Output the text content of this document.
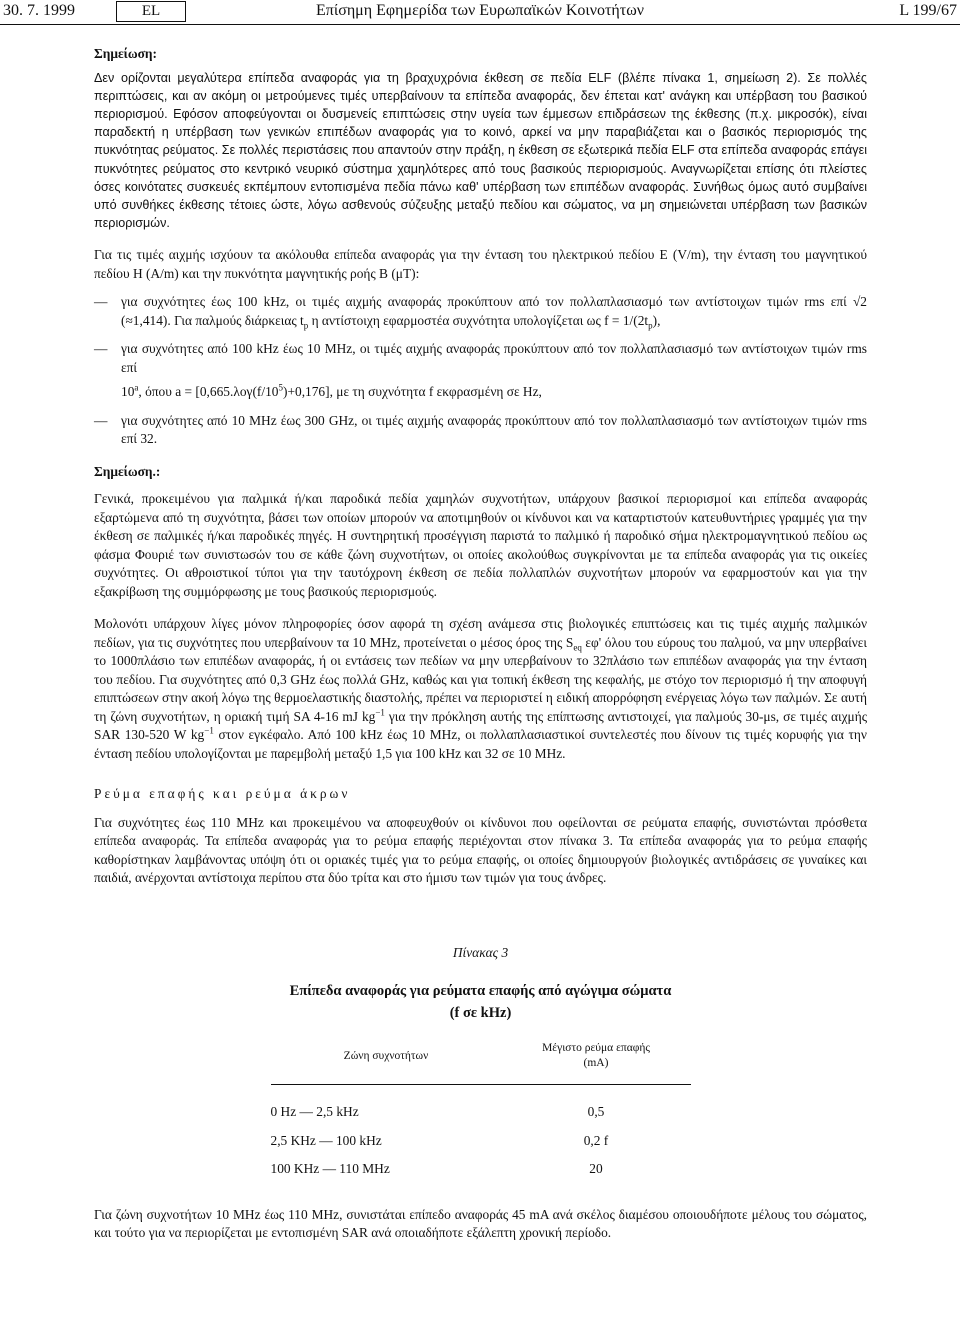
30. 7. 1999	EL	Επίσημη Εφημερίδα των Ευρωπαϊκών Κοινοτήτων	L 199/67
Σημείωση:

Δεν ορίζονται μεγαλύτερα επίπεδα αναφοράς για τη βραχυχρόνια έκθεση σε πεδία ELF (βλέπε πίνακα 1, σημείωση 2). Σε πολλές περιπτώσεις, και αν ακόμη οι μετρούμενες τιμές υπερβαίνουν τα επίπεδα αναφοράς, δεν έπεται κατ' ανάγκη και υπέρβαση του βασικού περιορισμού. Εφόσον αποφεύγονται οι δυσμενείς επιπτώσεις στην υγεία των έμμεσων επιδράσεων της έκθεσης (π.χ. μικροσόκ), είναι παραδεκτή η υπέρβαση των γενικών επιπέδων αναφοράς για το κοινό, αρκεί να μην παραβιάζεται και ο βασικός περιορισμός της πυκνότητας ρεύματος. Σε πολλές περιστάσεις που απαντούν στην πράξη, η έκθεση σε εξωτερικά πεδία ELF στα επίπεδα αναφοράς επάγει πυκνότητες ρεύματος στο κεντρικό νευρικό σύστημα χαμηλότερες από τους βασικούς περιορισμούς. Αναγνωρίζεται επίσης ότι πλείστες όσες κοινότατες συσκευές εκπέμπουν εντοπισμένα πεδία πάνω καθ' υπέρβαση των επιπέδων αναφοράς. Συνήθως όμως αυτό συμβαίνει υπό συνθήκες έκθεσης τέτοιες ώστε, λόγω ασθενούς σύζευξης μεταξύ πεδίου και σώματος, να μη σημειώνεται υπέρβαση των βασικών περιορισμών.

Για τις τιμές αιχμής ισχύουν τα ακόλουθα επίπεδα αναφοράς για την ένταση του ηλεκτρικού πεδίου E (V/m), την ένταση του μαγνητικού πεδίου H (A/m) και την πυκνότητα μαγνητικής ροής B (μT):

— για συχνότητες έως 100 kHz, οι τιμές αιχμής αναφοράς προκύπτουν από τον πολλαπλασιασμό των αντίστοιχων τιμών rms επί √2 (≈1,414). Για παλμούς διάρκειας $t_p$ η αντίστοιχη εφαρμοστέα συχνότητα υπολογίζεται ως $f = 1/(2t_p)$,
— για συχνότητες από 100 kHz έως 10 MHz, οι τιμές αιχμής αναφοράς προκύπτουν από τον πολλαπλασιασμό των αντίστοιχων τιμών rms επί
10$^a$, όπου $a = [0,665.\lambda o\gamma(f/10^5)+0,176]$, με τη συχνότητα f εκφρασμένη σε Hz,
— για συχνότητες από 10 MHz έως 300 GHz, οι τιμές αιχμής αναφοράς προκύπτουν από τον πολλαπλασιασμό των αντίστοιχων τιμών rms επί 32.
Σημείωση.:

Γενικά, προκειμένου για παλμικά ή/και παροδικά πεδία χαμηλών συχνοτήτων, υπάρχουν βασικοί περιορισμοί και επίπεδα αναφοράς εξαρτώμενα από τη συχνότητα, βάσει των οποίων μπορούν να αποτιμηθούν οι κίνδυνοι και να καταρτιστούν κατευθυντήριες γραμμές για την έκθεση σε παλμικές ή/και παροδικές πηγές. Η συντηρητική προσέγγιση παριστά το παλμικό ή παροδικό σήμα ηλεκτρομαγνητικού πεδίου ως φάσμα Φουριέ των συνιστωσών του σε κάθε ζώνη συχνοτήτων, οι οποίες ακολούθως συγκρίνονται με τα επίπεδα αναφοράς για τις οικείες συχνότητες. Οι αθροιστικοί τύποι για την ταυτόχρονη έκθεση σε πεδία πολλαπλών συχνοτήτων μπορούν να εφαρμοστούν και για την εξακρίβωση της συμμόρφωσης με τους βασικούς περιορισμούς.

Μολονότι υπάρχουν λίγες μόνον πληροφορίες όσον αφορά τη σχέση ανάμεσα στις βιολογικές επιπτώσεις και τις τιμές αιχμής παλμικών πεδίων, για τις συχνότητες που υπερβαίνουν τα 10 MHz, προτείνεται ο μέσος όρος της $S_{eq}$ εφ' όλου του εύρους του παλμού, να μην υπερβαίνει το 1000πλάσιο των επιπέδων αναφοράς, ή οι εντάσεις των πεδίων να μην υπερβαίνουν το 32πλάσιο των επιπέδων αναφοράς για την ένταση του πεδίου. Για συχνότητες από 0,3 GHz έως πολλά GHz, καθώς και για τοπική έκθεση της κεφαλής, με στόχο τον περιορισμό ή την αποφυγή επιπτώσεων στην ακοή λόγω της θερμοελαστικής διαστολής, πρέπει να περιοριστεί η ειδική απορρόφηση ενέργειας λόγω των παλμών. Σε αυτή τη ζώνη συχνοτήτων, η οριακή τιμή SA 4-16 mJ $kg^{-1}$ για την πρόκληση αυτής της επίπτωσης αντιστοιχεί, για παλμούς 30-μs, σε τιμές αιχμής SAR 130-520 W $kg^{-1}$ στον εγκέφαλο. Από 100 kHz έως 10 MHz, οι πολλαπλασιαστικοί συντελεστές που δίνουν τις τιμές κορυφής για την ένταση πεδίου υπολογίζονται με παρεμβολή μεταξύ 1,5 για 100 kHz και 32 σε 10 MHz.

Ρεύμα επαφής και ρεύμα άκρων

Για συχνότητες έως 110 MHz και προκειμένου να αποφευχθούν οι κίνδυνοι που οφείλονται σε ρεύματα επαφής, συνιστώνται πρόσθετα επίπεδα αναφοράς. Τα επίπεδα αναφοράς για το ρεύμα επαφής περιέχονται στον πίνακα 3. Τα επίπεδα αναφοράς για το ρεύμα επαφής καθορίστηκαν λαμβάνοντας υπόψη ότι οι οριακές τιμές για το ρεύμα επαφής, οι οποίες δημιουργούν βιολογικές αντιδράσεις σε γυναίκες και παιδιά, ανέρχονται αντίστοιχα περίπου στα δύο τρίτα και στο ήμισυ των τιμών για τους άνδρες.

Πίνακας 3
Επίπεδα αναφοράς για ρεύματα επαφής από αγώγιμα σώματα
(f σε kHz)
Ζώνη συχνοτήτων	Μέγιστο ρεύμα επαφής
(mA)
0 Hz — 2,5 kHz	0,5
2,5 KHz — 100 kHz	0,2 f
100 KHz — 110 MHz	20

Για ζώνη συχνοτήτων 10 MHz έως 110 MHz, συνιστάται επίπεδο αναφοράς 45 mA ανά σκέλος διαμέσου οποιουδήποτε μέλους του σώματος, και τούτο για να περιορίζεται με εντοπισμένη SAR ανά οποιαδήποτε εξάλεπτη χρονική περίοδο.
